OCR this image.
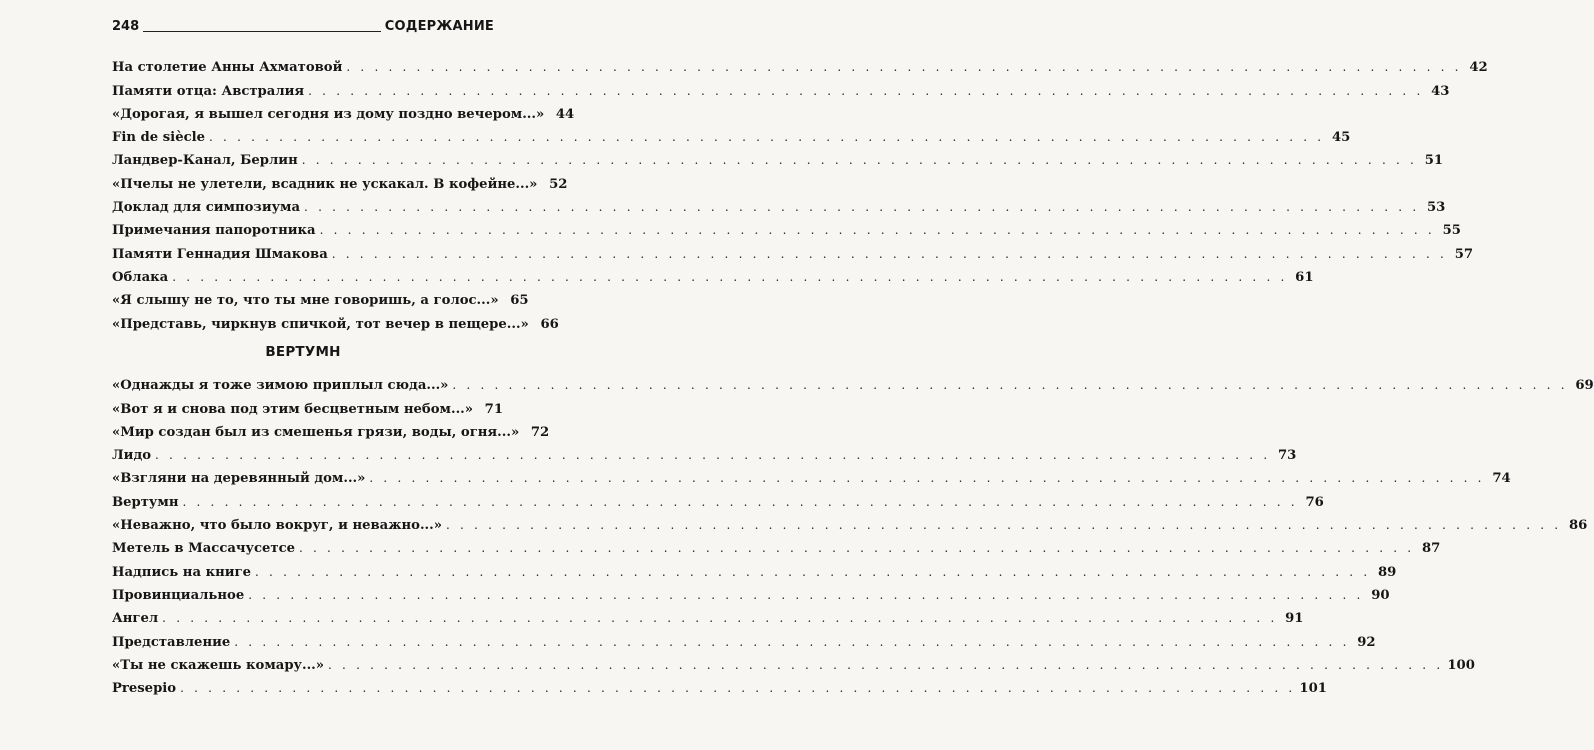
248	СОДЕРЖАНИЕ
На столетие Анны Ахматовой . . . . . . . . . . . . . . . . . . . . . . . . . . . . . . . . . . . . . . . . . . . . . . . . . . . . . . . . . . . . . . . . . . . . . . . . . . . . . . . . 42
Памяти отца: Австралия . . . . . . . . . . . . . . . . . . . . . . . . . . . . . . . . . . . . . . . . . . . . . . . . . . . . . . . . . . . . . . . . . . . . . . . . . . . . . . . . 43
«Дорогая, я вышел сегодня из дому поздно вечером...» 44
Fin de siècle . . . . . . . . . . . . . . . . . . . . . . . . . . . . . . . . . . . . . . . . . . . . . . . . . . . . . . . . . . . . . . . . . . . . . . . . . . . . . . . . 45
Ландвер-Канал, Берлин . . . . . . . . . . . . . . . . . . . . . . . . . . . . . . . . . . . . . . . . . . . . . . . . . . . . . . . . . . . . . . . . . . . . . . . . . . . . . . . . 51
«Пчелы не улетели, всадник не ускакал. В кофейне...» 52
Доклад для симпозиума . . . . . . . . . . . . . . . . . . . . . . . . . . . . . . . . . . . . . . . . . . . . . . . . . . . . . . . . . . . . . . . . . . . . . . . . . . . . . . . . 53
Примечания папоротника . . . . . . . . . . . . . . . . . . . . . . . . . . . . . . . . . . . . . . . . . . . . . . . . . . . . . . . . . . . . . . . . . . . . . . . . . . . . . . . . 55
Памяти Геннадия Шмакова . . . . . . . . . . . . . . . . . . . . . . . . . . . . . . . . . . . . . . . . . . . . . . . . . . . . . . . . . . . . . . . . . . . . . . . . . . . . . . . . 57
Облака . . . . . . . . . . . . . . . . . . . . . . . . . . . . . . . . . . . . . . . . . . . . . . . . . . . . . . . . . . . . . . . . . . . . . . . . . . . . . . . . 61
«Я слышу не то, что ты мне говоришь, а голос...» 65
«Представь, чиркнув спичкой, тот вечер в пещере...» 66
ВЕРТУМН
«Однажды я тоже зимою приплыл сюда...» . . . . . . . . . . . . . . . . . . . . . . . . . . . . . . . . . . . . . . . . . . . . . . . . . . . . . . . . . . . . . . . . . . . . . . . . . . . . . . . . 69
«Вот я и снова под этим бесцветным небом...» 71
«Мир создан был из смешенья грязи, воды, огня...» 72
Лидо . . . . . . . . . . . . . . . . . . . . . . . . . . . . . . . . . . . . . . . . . . . . . . . . . . . . . . . . . . . . . . . . . . . . . . . . . . . . . . . . 73
«Взгляни на деревянный дом...» . . . . . . . . . . . . . . . . . . . . . . . . . . . . . . . . . . . . . . . . . . . . . . . . . . . . . . . . . . . . . . . . . . . . . . . . . . . . . . . . 74
Вертумн . . . . . . . . . . . . . . . . . . . . . . . . . . . . . . . . . . . . . . . . . . . . . . . . . . . . . . . . . . . . . . . . . . . . . . . . . . . . . . . . 76
«Неважно, что было вокруг, и неважно...» . . . . . . . . . . . . . . . . . . . . . . . . . . . . . . . . . . . . . . . . . . . . . . . . . . . . . . . . . . . . . . . . . . . . . . . . . . . . . . . . 86
Метель в Массачусетсе . . . . . . . . . . . . . . . . . . . . . . . . . . . . . . . . . . . . . . . . . . . . . . . . . . . . . . . . . . . . . . . . . . . . . . . . . . . . . . . . 87
Надпись на книге . . . . . . . . . . . . . . . . . . . . . . . . . . . . . . . . . . . . . . . . . . . . . . . . . . . . . . . . . . . . . . . . . . . . . . . . . . . . . . . . 89
Провинциальное . . . . . . . . . . . . . . . . . . . . . . . . . . . . . . . . . . . . . . . . . . . . . . . . . . . . . . . . . . . . . . . . . . . . . . . . . . . . . . . . 90
Ангел . . . . . . . . . . . . . . . . . . . . . . . . . . . . . . . . . . . . . . . . . . . . . . . . . . . . . . . . . . . . . . . . . . . . . . . . . . . . . . . . 91
Представление . . . . . . . . . . . . . . . . . . . . . . . . . . . . . . . . . . . . . . . . . . . . . . . . . . . . . . . . . . . . . . . . . . . . . . . . . . . . . . . . 92
«Ты не скажешь комару...» . . . . . . . . . . . . . . . . . . . . . . . . . . . . . . . . . . . . . . . . . . . . . . . . . . . . . . . . . . . . . . . . . . . . . . . . . . . . . . . . 100
Presepio . . . . . . . . . . . . . . . . . . . . . . . . . . . . . . . . . . . . . . . . . . . . . . . . . . . . . . . . . . . . . . . . . . . . . . . . . . . . . . . . 101
